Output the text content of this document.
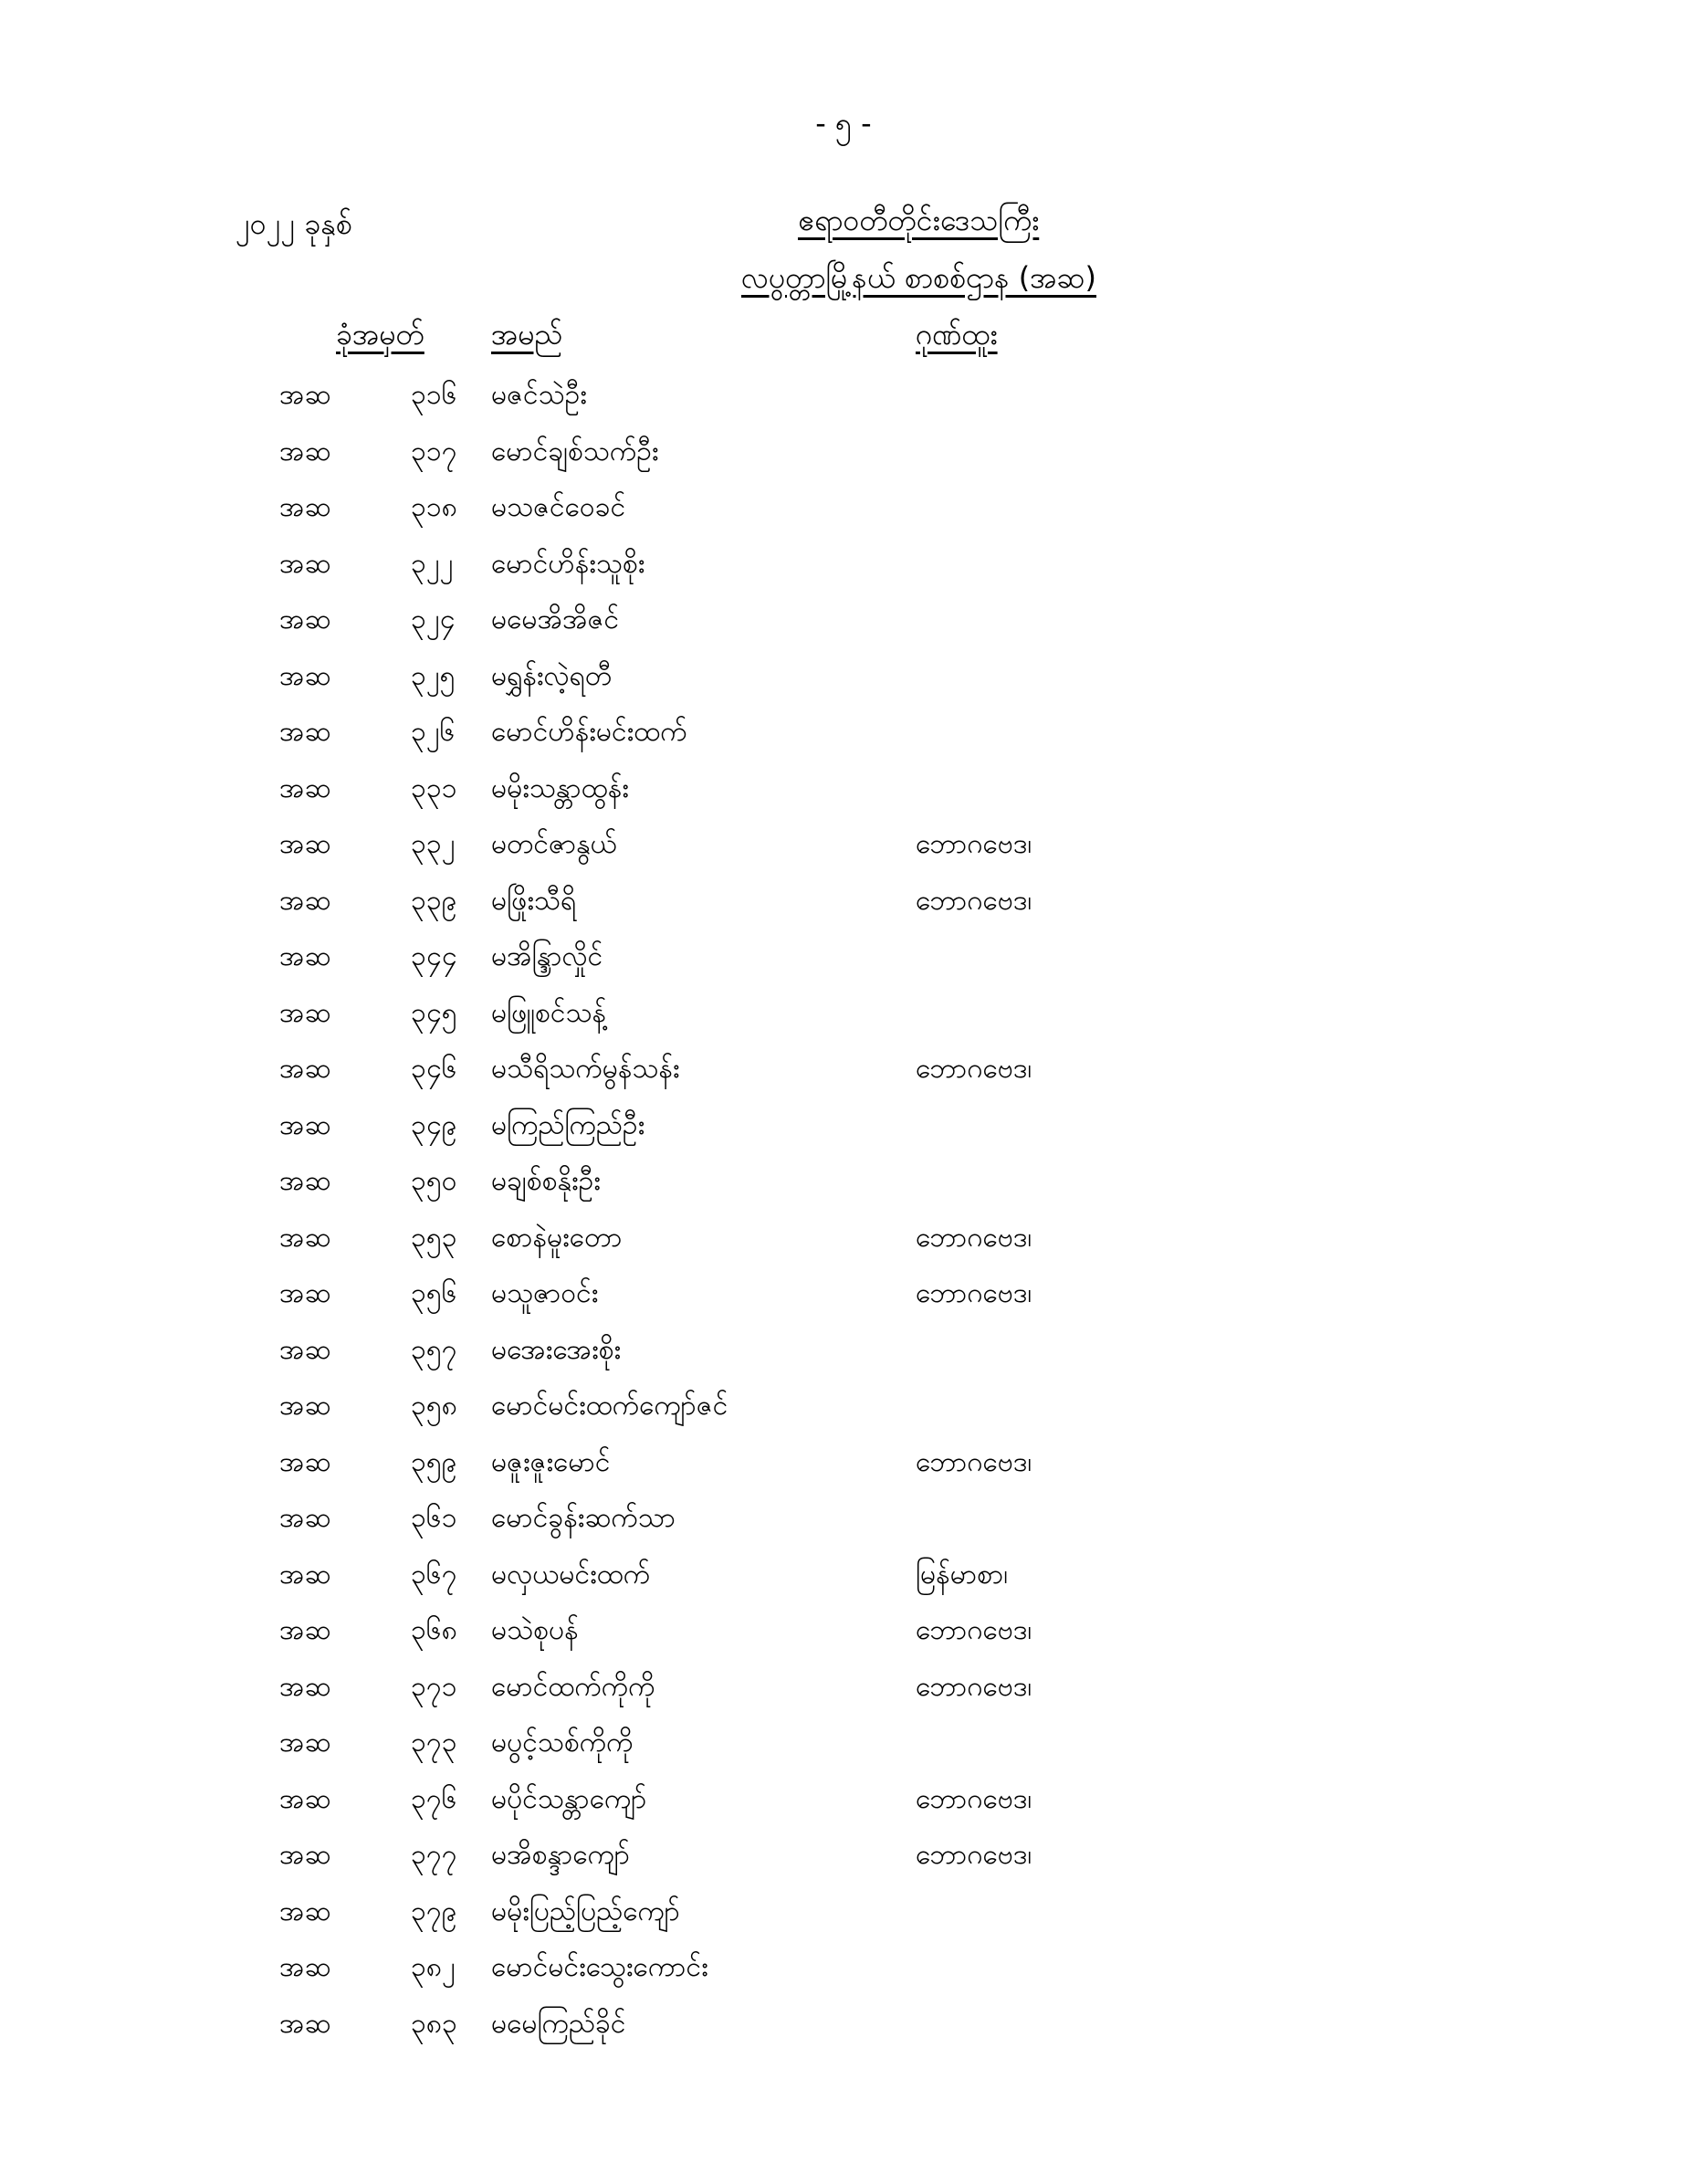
- ၅ -
၂၀၂၂ ခုနှစ်	ဧရာဝတီတိုင်းဒေသကြီး
လပွတ္တာမြို့နယ် စာစစ်ဌာန (အဆ)
ခုံအမှတ် အမည်	ဂုဏ်ထူး
အဆ	၃၁၆ မဇင်သဲဦး
အဆ	၃၁၇ မောင်ချစ်သက်ဦး
အဆ	၃၁၈ မသဇင်ဝေခင်
အဆ	၃၂၂ မောင်ဟိန်းသူစိုး
အဆ	၃၂၄ မမေအိအိဇင်
အဆ	၃၂၅ မရွှန်းလဲ့ရတီ
အဆ	၃၂၆ မောင်ဟိန်းမင်းထက်
အဆ	၃၃၁ မမိုးသန္တာထွန်း
အဆ	၃၃၂ မတင်ဇာနွယ်	ဘောဂဗေဒ၊
အဆ	၃၃၉ မဖြိုးသီရိ	ဘောဂဗေဒ၊
အဆ	၃၄၄ မအိန္ဒြာလှိုင်
အဆ	၃၄၅ မဖြူစင်သန့်
အဆ	၃၄၆ မသီရိသက်မွန်သန်း	ဘောဂဗေဒ၊
အဆ	၃၄၉ မကြည်ကြည်ဦး
အဆ	၃၅၀ မချစ်စနိုးဦး
အဆ	၃၅၃ စောနဲမူးတော	ဘောဂဗေဒ၊
အဆ	၃၅၆ မသူဇာဝင်း	ဘောဂဗေဒ၊
အဆ	၃၅၇ မအေးအေးစိုး
အဆ	၃၅၈ မောင်မင်းထက်ကျော်ဇင်
အဆ	၃၅၉ မဇူးဇူးမောင်	ဘောဂဗေဒ၊
အဆ	၃၆၁ မောင်ခွန်းဆက်သာ
အဆ	၃၆၇ မလှယမင်းထက်	မြန်မာစာ၊
အဆ	၃၆၈ မသဲစုပန်	ဘောဂဗေဒ၊
အဆ	၃၇၁ မောင်ထက်ကိုကို	ဘောဂဗေဒ၊
အဆ	၃၇၃ မပွင့်သစ်ကိုကို
အဆ	၃၇၆ မပိုင်သန္တာကျော်	ဘောဂဗေဒ၊
အဆ	၃၇၇ မအိစန္ဒာကျော်	ဘောဂဗေဒ၊
အဆ	၃၇၉ မမိုးပြည့်ပြည့်ကျော်
အဆ	၃၈၂ မောင်မင်းသွေးကောင်း
အဆ	၃၈၃ မမေကြည်ခိုင်
